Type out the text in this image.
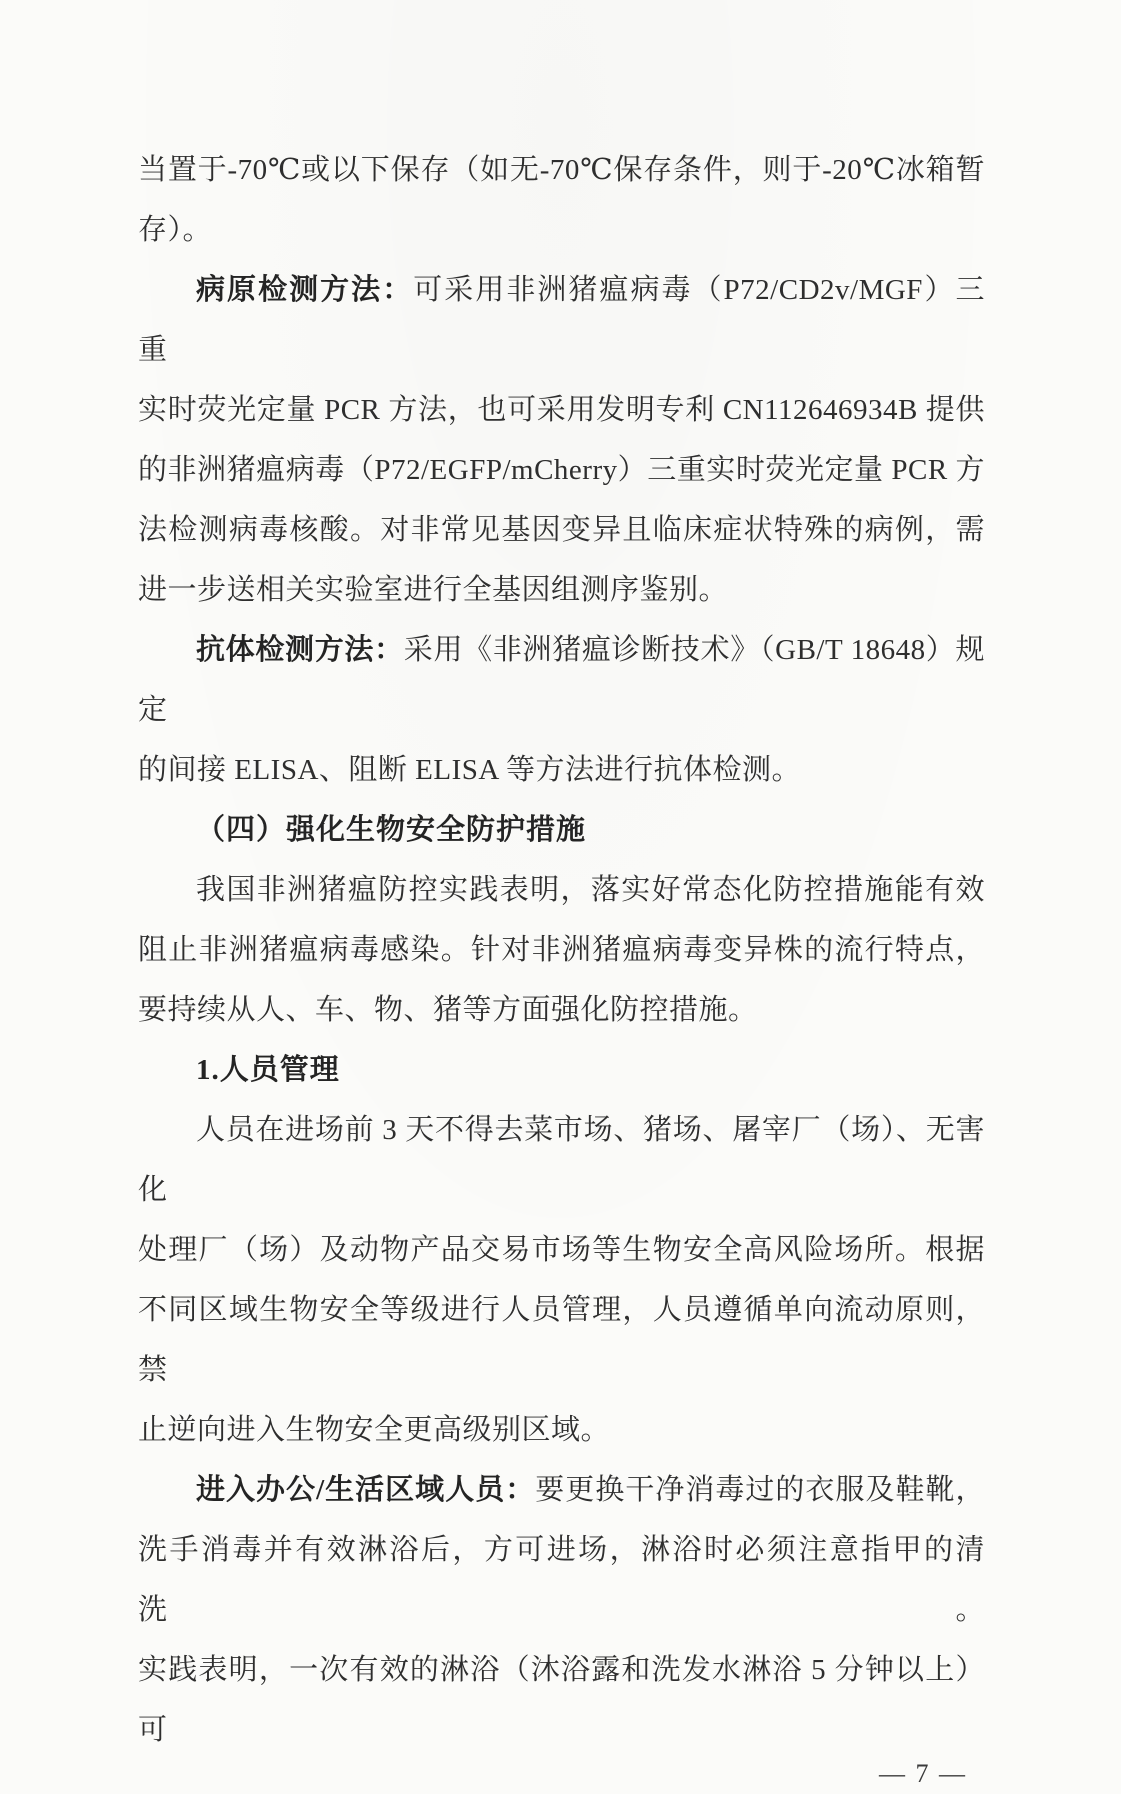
当置于-70℃或以下保存（如无-70℃保存条件，则于-20℃冰箱暂

存）。

病原检测方法：可采用非洲猪瘟病毒（P72/CD2v/MGF）三重

实时荧光定量 PCR 方法，也可采用发明专利 CN112646934B 提供

的非洲猪瘟病毒（P72/EGFP/mCherry）三重实时荧光定量 PCR 方

法检测病毒核酸。对非常见基因变异且临床症状特殊的病例，需

进一步送相关实验室进行全基因组测序鉴别。

抗体检测方法：采用《非洲猪瘟诊断技术》（GB/T 18648）规定

的间接 ELISA、阻断 ELISA 等方法进行抗体检测。

（四）强化生物安全防护措施

我国非洲猪瘟防控实践表明，落实好常态化防控措施能有效

阻止非洲猪瘟病毒感染。针对非洲猪瘟病毒变异株的流行特点，

要持续从人、车、物、猪等方面强化防控措施。

1.人员管理

人员在进场前 3 天不得去菜市场、猪场、屠宰厂（场）、无害化

处理厂（场）及动物产品交易市场等生物安全高风险场所。根据

不同区域生物安全等级进行人员管理，人员遵循单向流动原则，禁

止逆向进入生物安全更高级别区域。

进入办公/生活区域人员：要更换干净消毒过的衣服及鞋靴，

洗手消毒并有效淋浴后，方可进场，淋浴时必须注意指甲的清洗。

实践表明，一次有效的淋浴（沐浴露和洗发水淋浴 5 分钟以上）可

— 7 —
